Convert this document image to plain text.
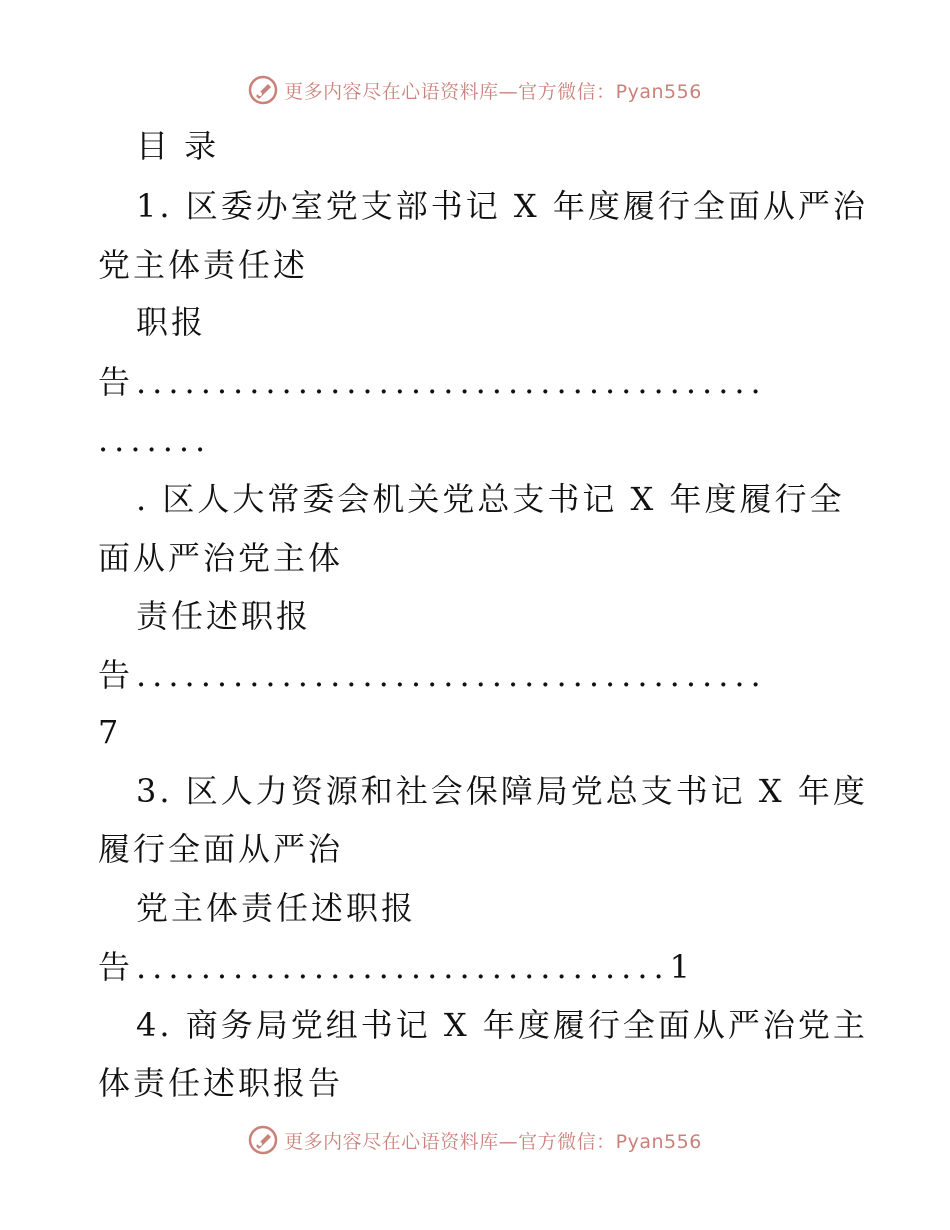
更多内容尽在心语资料库—官方微信：Pyan556
目 录
1. 区委办室党支部书记 X 年度履行全面从严治
党主体责任述
职报
告.......................................
.......
. 区人大常委会机关党总支书记 X 年度履行全
面从严治党主体
责任述职报
告.......................................
7
3. 区人力资源和社会保障局党总支书记 X 年度
履行全面从严治
党主体责任述职报
告.................................1
4. 商务局党组书记 X 年度履行全面从严治党主
体责任述职报告
更多内容尽在心语资料库—官方微信：Pyan556
